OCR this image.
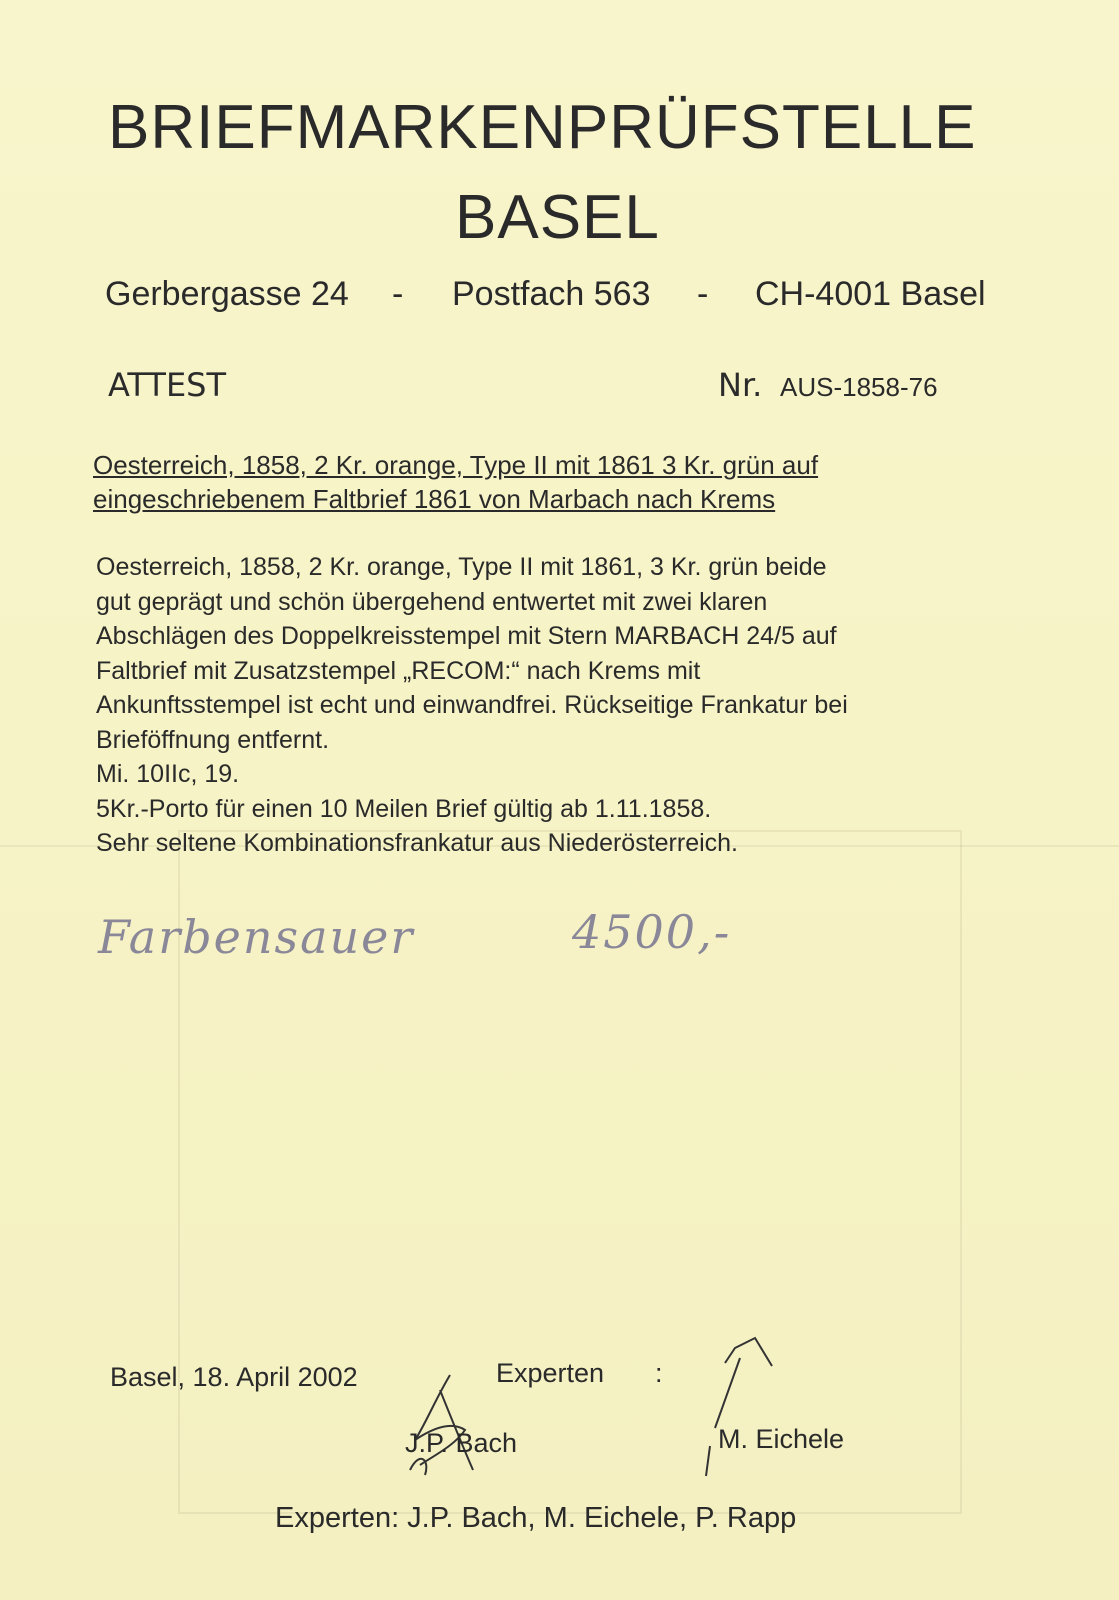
BRIEFMARKENPRÜFSTELLE
BASEL
Gerbergasse 24 - Postfach 563 - CH-4001 Basel
ATTEST	Nr. AUS-1858-76
Oesterreich, 1858, 2 Kr. orange, Type II mit 1861 3 Kr. grün auf
eingeschriebenem Faltbrief 1861 von Marbach nach Krems
Oesterreich, 1858, 2 Kr. orange, Type II mit 1861, 3 Kr. grün beide
gut geprägt und schön übergehend entwertet mit zwei klaren
Abschlägen des Doppelkreisstempel mit Stern MARBACH 24/5 auf
Faltbrief mit Zusatzstempel „RECOM:“ nach Krems mit
Ankunftsstempel ist echt und einwandfrei. Rückseitige Frankatur bei
Brieföffnung entfernt.
Mi. 10IIc, 19.
5Kr.-Porto für einen 10 Meilen Brief gültig ab 1.11.1858.
Sehr seltene Kombinationsfrankatur aus Niederösterreich.
Farbensauer	4500,-
Basel, 18. April 2002	Experten :
J.P. Bach	M. Eichele
Experten: J.P. Bach, M. Eichele, P. Rapp
